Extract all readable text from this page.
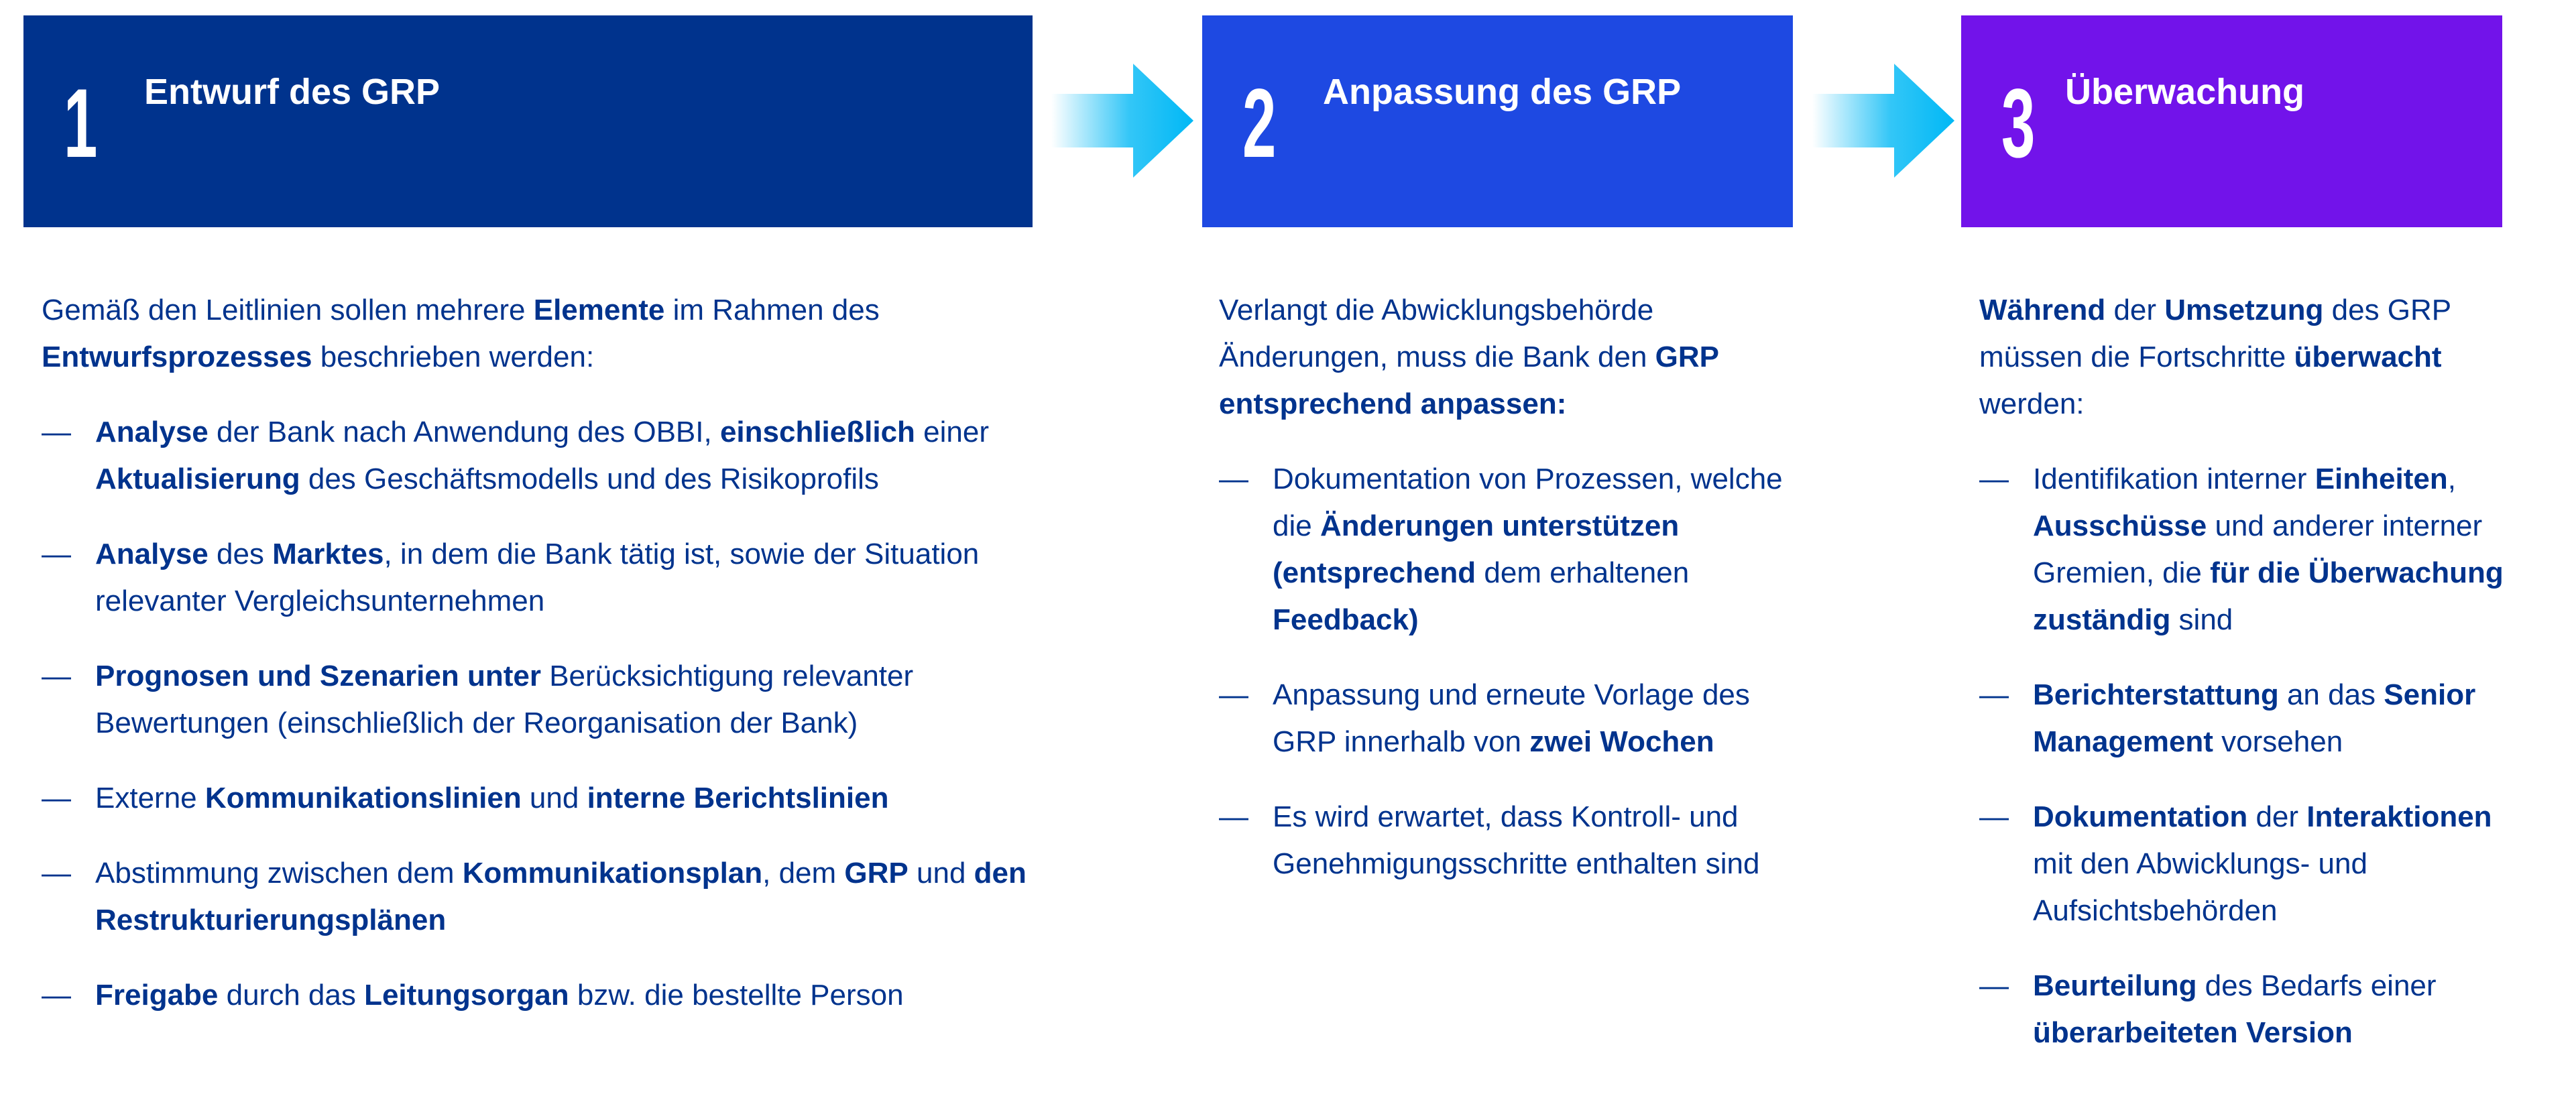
1 Entwurf des GRP	2 Anpassung des GRP	3 Überwachung

Gemäß den Leitlinien sollen mehrere Elemente im Rahmen des Entwurfsprozesses beschrieben werden:

— Analyse der Bank nach Anwendung des OBBI, einschließlich einer Aktualisierung des Geschäftsmodells und des Risikoprofils
— Analyse des Marktes, in dem die Bank tätig ist, sowie der Situation relevanter Vergleichsunternehmen
— Prognosen und Szenarien unter Berücksichtigung relevanter Bewertungen (einschließlich der Reorganisation der Bank)
— Externe Kommunikationslinien und interne Berichtslinien
— Abstimmung zwischen dem Kommunikationsplan, dem GRP und den Restrukturierungsplänen
— Freigabe durch das Leitungsorgan bzw. die bestellte Person

Verlangt die Abwicklungsbehörde Änderungen, muss die Bank den GRP entsprechend anpassen:

— Dokumentation von Prozessen, welche die Änderungen unterstützen (entsprechend dem erhaltenen Feedback)
— Anpassung und erneute Vorlage des GRP innerhalb von zwei Wochen
— Es wird erwartet, dass Kontroll- und Genehmigungsschritte enthalten sind

Während der Umsetzung des GRP müssen die Fortschritte überwacht werden:

— Identifikation interner Einheiten, Ausschüsse und anderer interner Gremien, die für die Überwachung zuständig sind
— Berichterstattung an das Senior Management vorsehen
— Dokumentation der Interaktionen mit den Abwicklungs- und Aufsichtsbehörden
— Beurteilung des Bedarfs einer überarbeiteten Version
